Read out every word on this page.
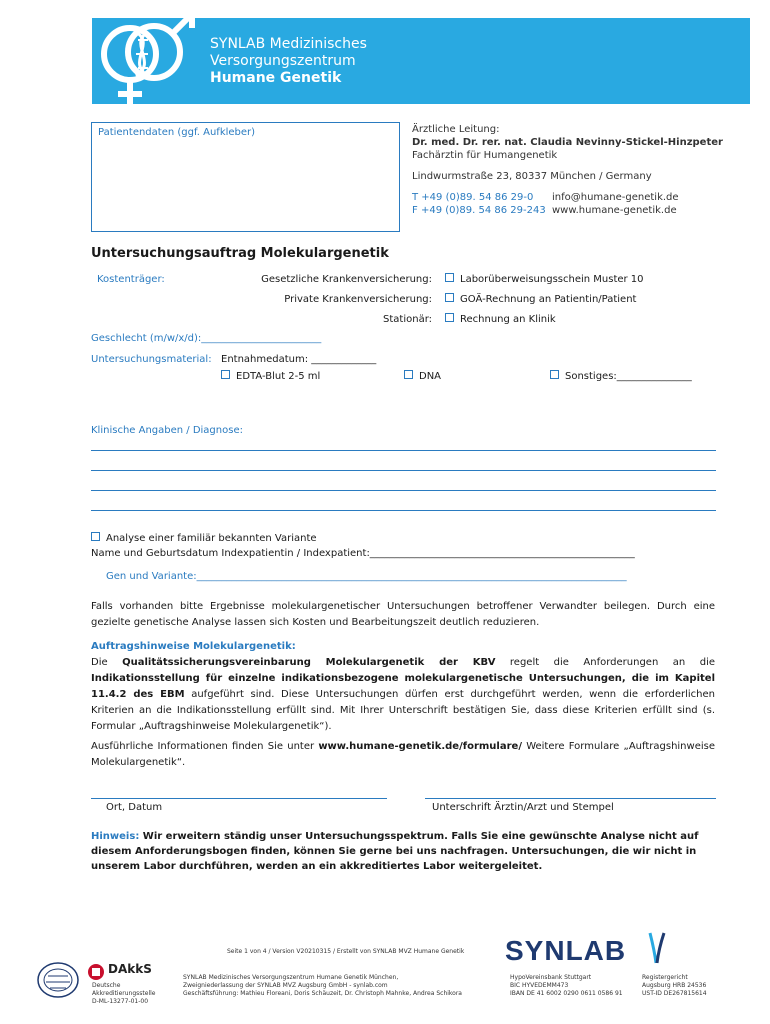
SYNLAB Medizinisches
Versorgungszentrum
Humane Genetik
Patientendaten (ggf. Aufkleber)	Ärztliche Leitung:
Dr. med. Dr. rer. nat. Claudia Nevinny-Stickel-Hinzpeter
Fachärztin für Humangenetik
Lindwurmstraße 23, 80337 München / Germany
T +49 (0)89. 54 86 29-0 info@humane-genetik.de
F +49 (0)89. 54 86 29-243 www.humane-genetik.de
Untersuchungsauftrag Molekulargenetik
Kostenträger:	Gesetzliche Krankenversicherung:	Laborüberweisungsschein Muster 10
Private Krankenversicherung:	GOÄ-Rechnung an Patientin/Patient
Stationär:	Rechnung an Klinik
Geschlecht (m/w/x/d):________________________
Untersuchungsmaterial: Entnahmedatum: _____________
EDTA-Blut 2-5 ml	DNA	Sonstiges:_______________
Klinische Angaben / Diagnose:
Analyse einer familiär bekannten Variante
Name und Geburtsdatum Indexpatientin / Indexpatient:_____________________________________________________
Gen und Variante:______________________________________________________________________________________
Falls vorhanden bitte Ergebnisse molekulargenetischer Untersuchungen betroffener Verwandter beilegen. Durch eine gezielte genetische Analyse lassen sich Kosten und Bearbeitungszeit deutlich reduzieren.
Auftragshinweise Molekulargenetik:
Die Qualitätssicherungsvereinbarung Molekulargenetik der KBV regelt die Anforderungen an die Indikationsstellung für einzelne indikationsbezogene molekulargenetische Untersuchungen, die im Kapitel 11.4.2 des EBM aufgeführt sind. Diese Untersuchungen dürfen erst durchgeführt werden, wenn die erforderlichen Kriterien an die Indikationsstellung erfüllt sind. Mit Ihrer Unterschrift bestätigen Sie, dass diese Kriterien erfüllt sind (s. Formular „Auftragshinweise Molekulargenetik“).
Ausführliche Informationen finden Sie unter www.humane-genetik.de/formulare/ Weitere Formulare „Auftragshinweise Molekulargenetik“.
Ort, Datum	Unterschrift Ärztin/Arzt und Stempel
Hinweis: Wir erweitern ständig unser Untersuchungsspektrum. Falls Sie eine gewünschte Analyse nicht auf diesem Anforderungsbogen finden, können Sie gerne bei uns nachfragen. Untersuchungen, die wir nicht in unserem Labor durchführen, werden an ein akkreditiertes Labor weitergeleitet.
Seite 1 von 4 / Version V20210315 / Erstellt von SYNLAB MVZ Humane Genetik SYNLAB
DAkkS
Deutsche
Akkreditierungsstelle
D-ML-13277-01-00
SYNLAB Medizinisches Versorgungszentrum Humane Genetik München,
Zweigniederlassung der SYNLAB MVZ Augsburg GmbH - synlab.com
Geschäftsführung: Mathieu Floreani, Doris Schäuzeit, Dr. Christoph Mahnke, Andrea Schikora
HypoVereinsbank Stuttgart
BIC HYVEDEMM473
IBAN DE 41 6002 0290 0611 0586 91
Registergericht
Augsburg HRB 24536
UST-ID DE267815614
